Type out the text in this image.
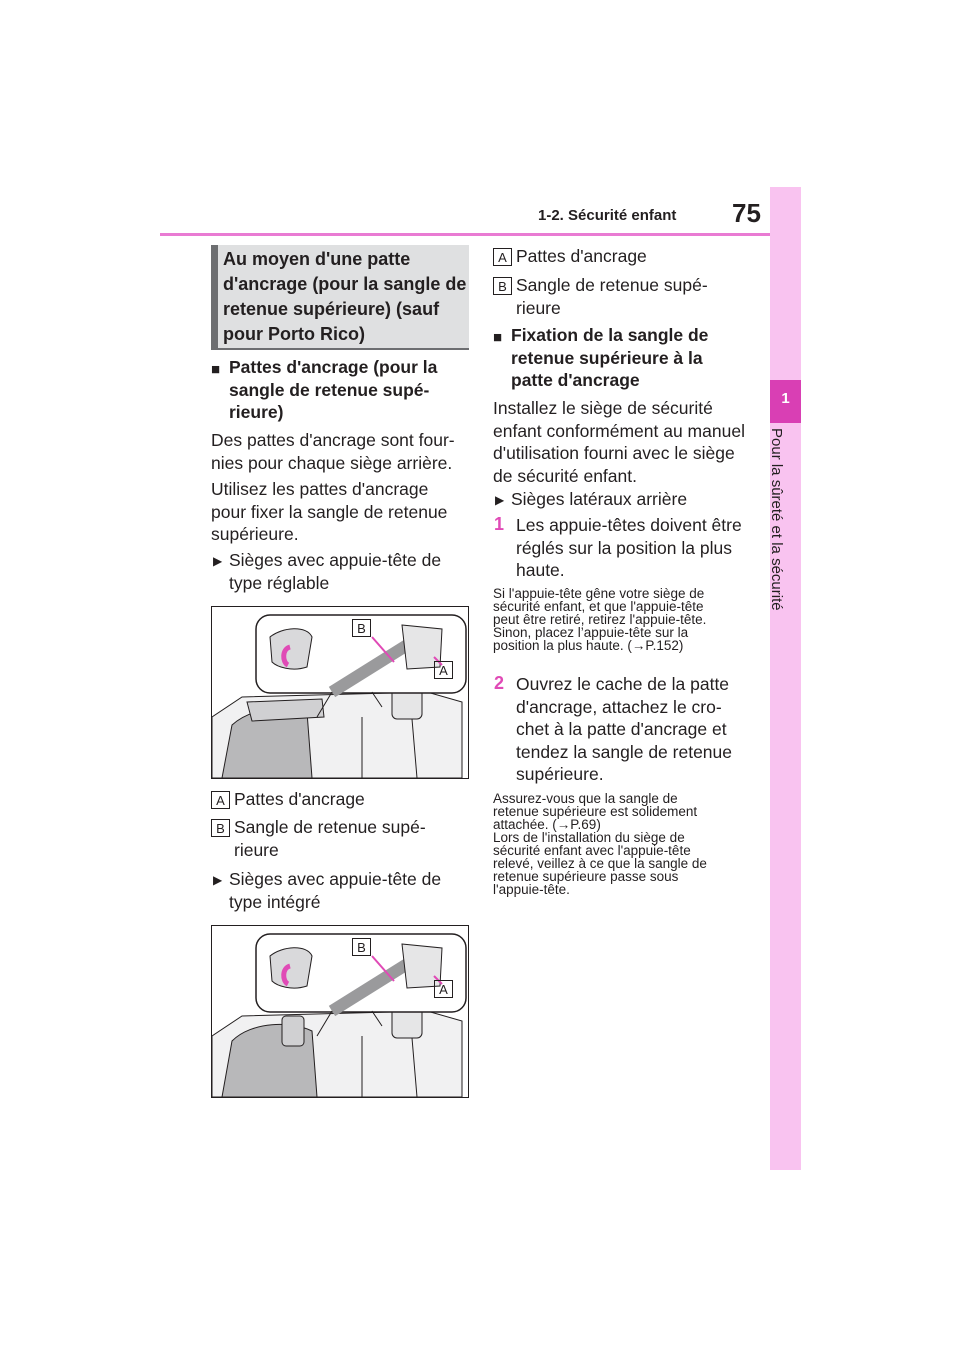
1-2. Sécurité enfant 75
1
Pour la sûreté et la sécurité
Au moyen d'une patte d'ancrage (pour la sangle de retenue supérieure) (sauf pour Porto Rico)
■ Pattes d'ancrage (pour la
sangle de retenue supé-
rieure)
Des pattes d'ancrage sont four-
nies pour chaque siège arrière.
Utilisez les pattes d'ancrage
pour fixer la sangle de retenue
supérieure.
▶ Sièges avec appuie-tête de
type réglable
B
A
A Pattes d'ancrage
B Sangle de retenue supé-
rieure
▶ Sièges avec appuie-tête de
type intégré
B
A
A Pattes d'ancrage
B Sangle de retenue supé-
rieure
■ Fixation de la sangle de
retenue supérieure à la
patte d'ancrage
Installez le siège de sécurité
enfant conformément au manuel
d'utilisation fourni avec le siège
de sécurité enfant.
▶ Sièges latéraux arrière
1 Les appuie-têtes doivent être
réglés sur la position la plus
haute.
Si l'appuie-tête gêne votre siège de
sécurité enfant, et que l'appuie-tête
peut être retiré, retirez l'appuie-tête.
Sinon, placez l’appuie-tête sur la
position la plus haute. (→P.152)
2 Ouvrez le cache de la patte
d'ancrage, attachez le cro-
chet à la patte d'ancrage et
tendez la sangle de retenue
supérieure.
Assurez-vous que la sangle de
retenue supérieure est solidement
attachée. (→P.69)
Lors de l'installation du siège de
sécurité enfant avec l'appuie-tête
relevé, veillez à ce que la sangle de
retenue supérieure passe sous
l'appuie-tête.
